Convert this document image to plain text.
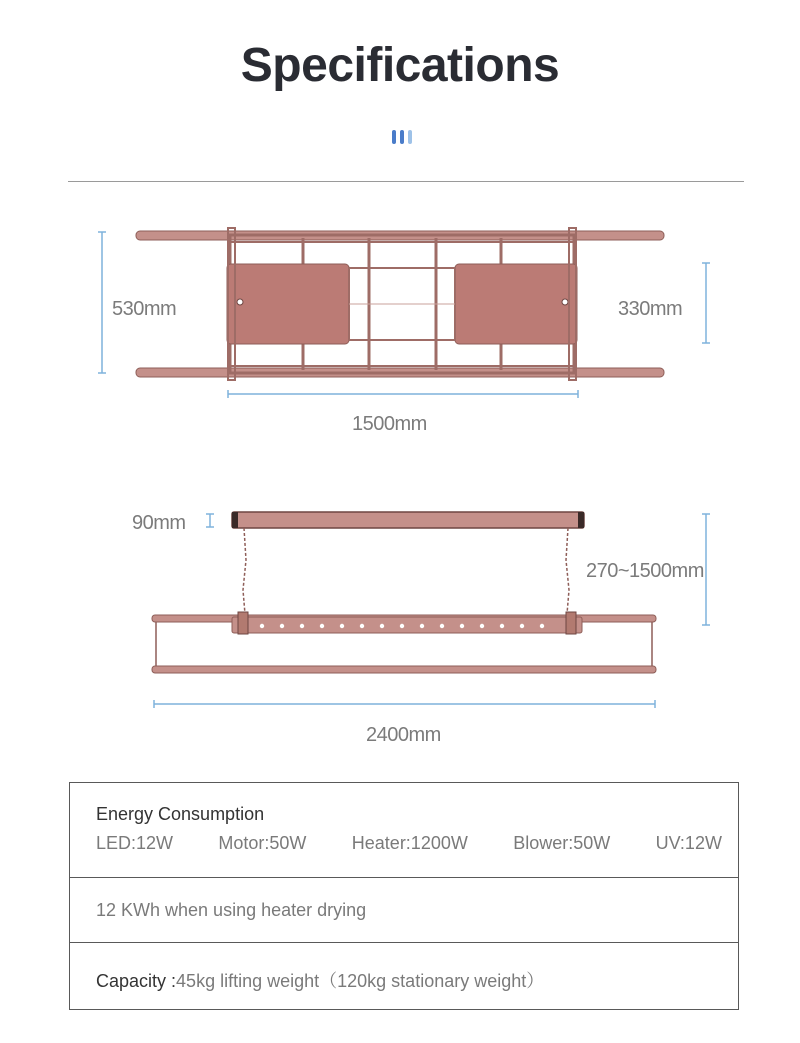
Specifications
530mm	330mm
1500mm
90mm
270~1500mm
2400mm
Energy Consumption
LED:12W	Motor:50W	Heater:1200W	Blower:50W	UV:12W
12 KWh when using heater drying
Capacity :45kg lifting weight（120kg stationary weight）
